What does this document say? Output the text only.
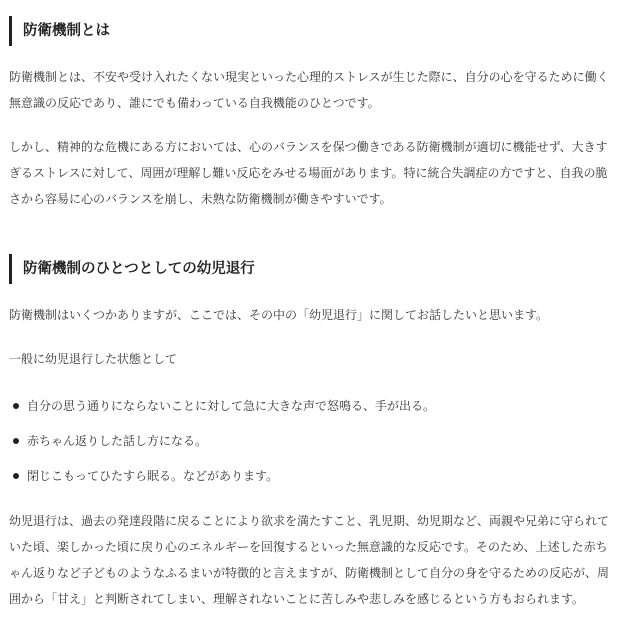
防衛機制とは

防衛機制とは、不安や受け入れたくない現実といった心理的ストレスが生じた際に、自分の心を守るために働く無意識の反応であり、誰にでも備わっている自我機能のひとつです。

しかし、精神的な危機にある方においては、心のバランスを保つ働きである防衛機制が適切に機能せず、大きすぎるストレスに対して、周囲が理解し難い反応をみせる場面があります。特に統合失調症の方ですと、自我の脆さから容易に心のバランスを崩し、未熟な防衛機制が働きやすいです。

防衛機制のひとつとしての幼児退行

防衛機制はいくつかありますが、ここでは、その中の「幼児退行」に関してお話したいと思います。

一般に幼児退行した状態として

自分の思う通りにならないことに対して急に大きな声で怒鳴る、手が出る。
赤ちゃん返りした話し方になる。
閉じこもってひたすら眠る。などがあります。

幼児退行は、過去の発達段階に戻ることにより欲求を満たすこと、乳児期、幼児期など、両親や兄弟に守られていた頃、楽しかった頃に戻り心のエネルギーを回復するといった無意識的な反応です。そのため、上述した赤ちゃん返りなど子どものようなふるまいが特徴的と言えますが、防衛機制として自分の身を守るための反応が、周囲から「甘え」と判断されてしまい、理解されないことに苦しみや悲しみを感じるという方もおられます。
